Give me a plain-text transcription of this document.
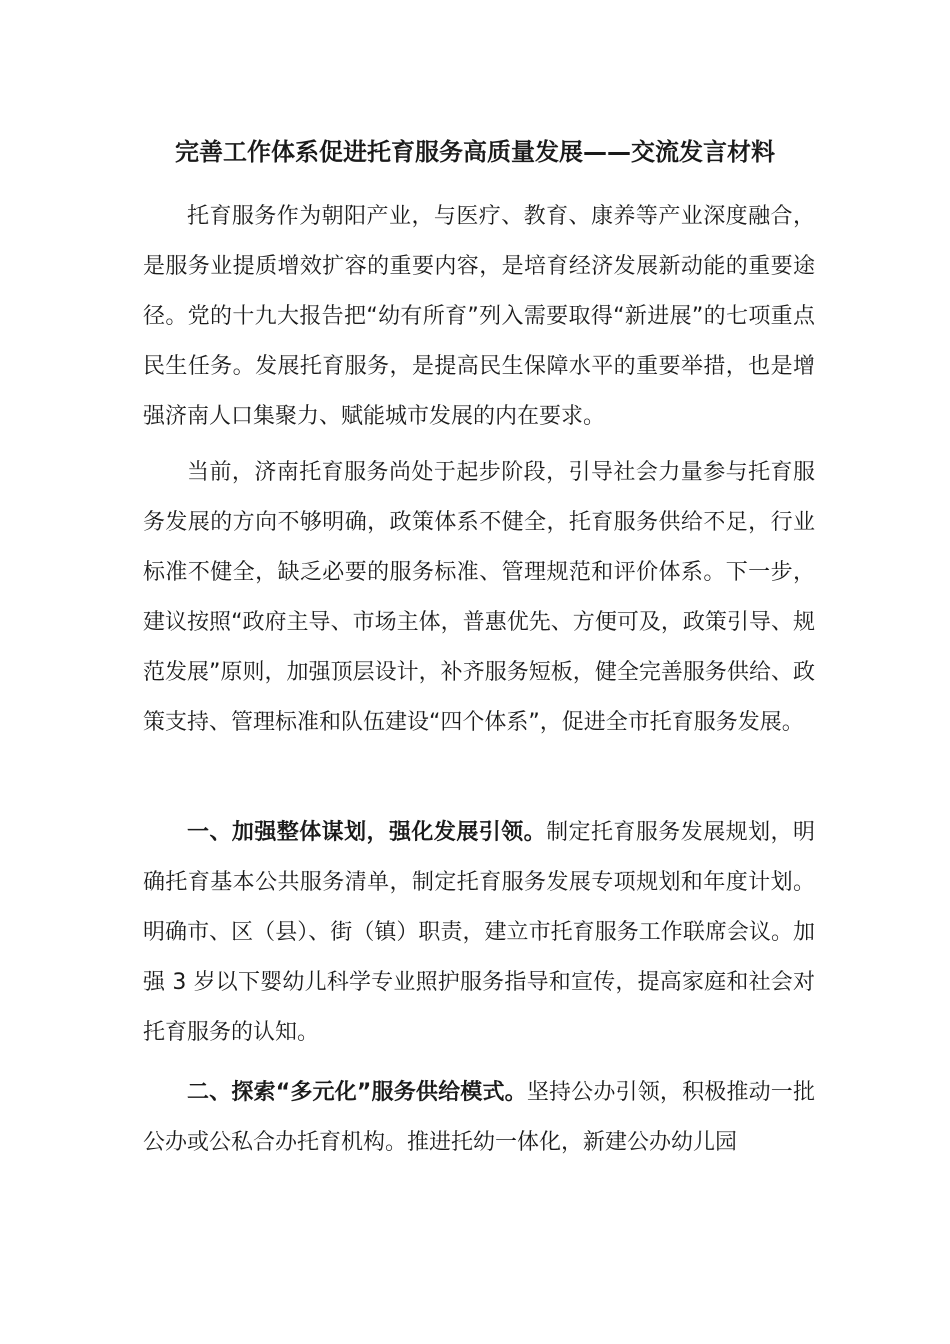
完善工作体系促进托育服务高质量发展——交流发言材料

托育服务作为朝阳产业，与医疗、教育、康养等产业深度融合，是服务业提质增效扩容的重要内容，是培育经济发展新动能的重要途径。党的十九大报告把“幼有所育”列入需要取得“新进展”的七项重点民生任务。发展托育服务，是提高民生保障水平的重要举措，也是增强济南人口集聚力、赋能城市发展的内在要求。

当前，济南托育服务尚处于起步阶段，引导社会力量参与托育服务发展的方向不够明确，政策体系不健全，托育服务供给不足，行业标准不健全，缺乏必要的服务标准、管理规范和评价体系。下一步，建议按照“政府主导、市场主体，普惠优先、方便可及，政策引导、规范发展”原则，加强顶层设计，补齐服务短板，健全完善服务供给、政策支持、管理标准和队伍建设“四个体系”，促进全市托育服务发展。

一、加强整体谋划，强化发展引领。制定托育服务发展规划，明确托育基本公共服务清单，制定托育服务发展专项规划和年度计划。明确市、区（县）、街（镇）职责，建立市托育服务工作联席会议。加强 3 岁以下婴幼儿科学专业照护服务指导和宣传，提高家庭和社会对托育服务的认知。

二、探索“多元化”服务供给模式。坚持公办引领，积极推动一批公办或公私合办托育机构。推进托幼一体化，新建公办幼儿园
